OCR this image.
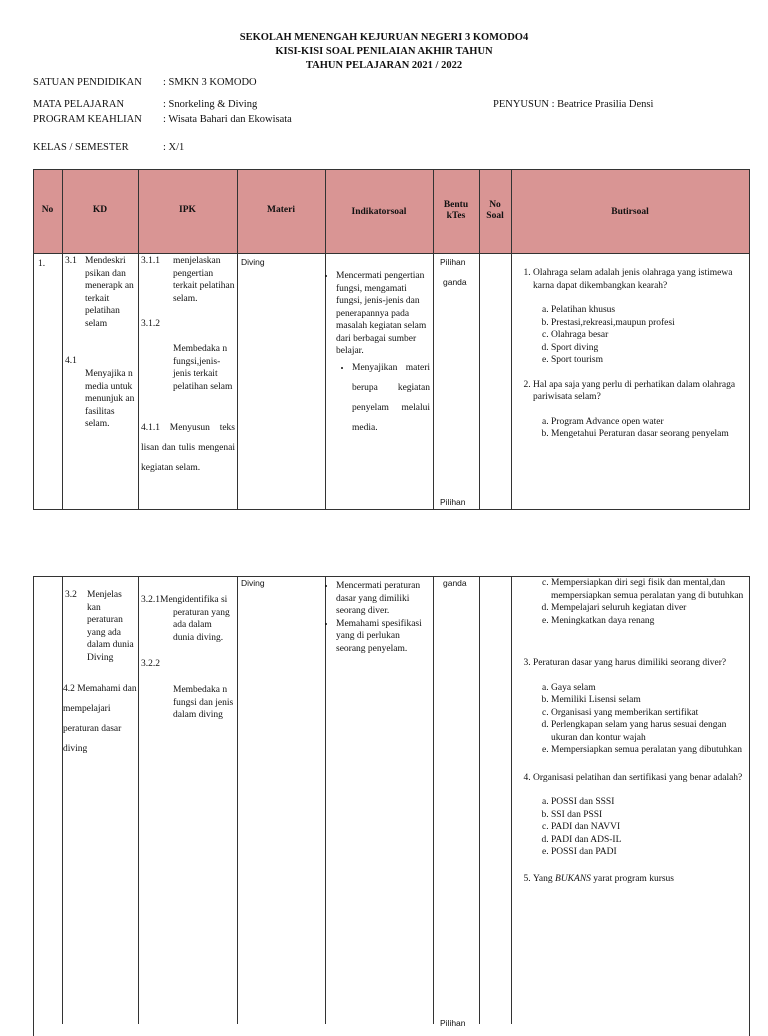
SEKOLAH MENENGAH KEJURUAN NEGERI 3 KOMODO4
KISI-KISI SOAL PENILAIAN AKHIR TAHUN
TAHUN PELAJARAN 2021 / 2022
SATUAN PENDIDIKAN : SMKN 3 KOMODO
MATA PELAJARAN	: Snorkeling & Diving	PENYUSUN : Beatrice Prasilia Densi
PROGRAM KEAHLIAN : Wisata Bahari dan Ekowisata
KELAS / SEMESTER	: X/1
No	KD	IPK	Materi	Indikatorsoal
Bentu kTes
No Soal	Butirsoal
1. 3.1 Mendeskri psikan dan menerapk an terkait pelatihan selam
4.1
Menyajika n media untuk menunjuk an fasilitas selam.
3.1.1	menjelaskan pengertian terkait pelatihan selam.
3.1.2
Membedaka n fungsi,jenis-jenis terkait pelatihan selam
4.1.1 Menyusun teks lisan dan tulis mengenai kegiatan selam.
Diving
• Mencermati pengertian fungsi, mengamati fungsi, jenis-jenis dan penerapannya pada masalah kegiatan selam dari berbagai sumber belajar.
• Menyajikan materi berupa kegiatan penyelam melalui media.
Pilihan
ganda
Pilihan
1. Olahraga selam adalah jenis olahraga yang istimewa karna dapat dikembangkan kearah?
a. Pelatihan khusus
b. Prestasi,rekreasi,maupun profesi
c. Olahraga besar
d. Sport diving
e. Sport tourism
2. Hal apa saja yang perlu di perhatikan dalam olahraga pariwisata selam?
a. Program Advance open water
b. Mengetahui Peraturan dasar seorang penyelam
3.2	Menjelas kan peraturan yang ada dalam dunia Diving
4.2 Memahami dan mempelajari peraturan dasar diving
3.2.1Mengidentifika si peraturan yang ada dalam dunia diving.
3.2.2
Membedaka n fungsi dan jenis dalam diving
Diving
•	Mencermati peraturan dasar yang dimiliki seorang diver.
• Memahami spesifikasi yang di perlukan seorang penyelam.
ganda
Pilihan
c. Mempersiapkan diri segi fisik dan mental,dan mempersiapkan semua peralatan yang di butuhkan
d. Mempelajari seluruh kegiatan diver
e. Meningkatkan daya renang
3. Peraturan dasar yang harus dimiliki seorang diver?
a. Gaya selam
b. Memiliki Lisensi selam
c. Organisasi yang memberikan sertifikat
d. Perlengkapan selam yang harus sesuai dengan ukuran dan kontur wajah
e. Mempersiapkan semua peralatan yang dibutuhkan
4. Organisasi pelatihan dan sertifikasi yang benar adalah?
a. POSSI dan SSSI
b. SSI dan PSSI
c. PADI dan NAVVI
d. PADI dan ADS-IL
e. POSSI dan PADI
5. Yang BUKANS yarat program kursus
